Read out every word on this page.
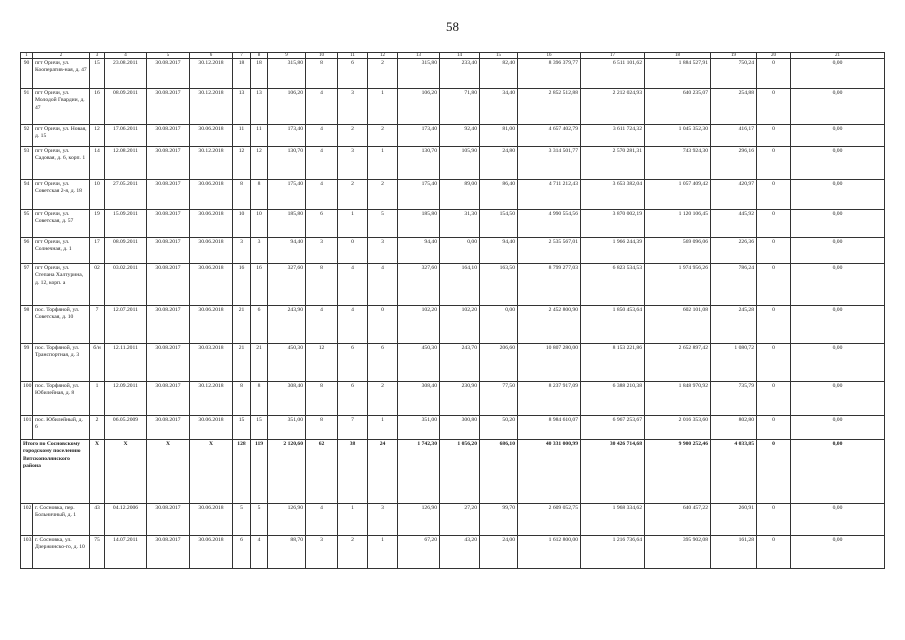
58
1	2	3	4	5	6	7	8	9	10	11	12	13	14	15	16	17	18	19	20	21
90	пгт Оричи, ул. Кооператив-ная, д. 47	15	23.08.2011	30.08.2017	30.12.2018	18	18	315,80	8	6	2	315,80	233,40	82,40	8 396 379,77	6 511 101,62	1 884 527,91	750,24	0	0,00
91	пгт Оричи, ул. Молодой Гвардии, д. 47	16	08.09.2011	30.08.2017	30.12.2018	13	13	106,20	4	3	1	106,20	71,80	34,40	2 852 512,88	2 212 024,93	640 235,07	254,88	0	0,00
92	пгт Оричи, ул. Новая, д. 15	12	17.06.2011	30.08.2017	30.06.2018	11	11	173,40	4	2	2	173,40	92,40	81,00	4 657 402,79	3 611 724,32	1 045 352,30	416,17	0	0,00
93	пгт Оричи, ул. Садовая, д. 6, корп. 1	14	12.08.2011	30.08.2017	30.12.2018	12	12	130,70	4	3	1	130,70	105,90	24,80	3 314 501,77	2 570 281,31	743 924,30	296,16	0	0,00
94	пгт Оричи, ул. Советская 2-я, д. 18	10	27.05.2011	30.08.2017	30.06.2018	8	8	175,40	4	2	2	175,40	89,00	86,40	4 711 212,43	3 653 382,04	1 057 409,42	420,97	0	0,00
95	пгт Оричи, ул. Советская, д. 57	19	15.09.2011	30.08.2017	30.06.2018	10	10	185,80	6	1	5	185,80	31,30	154,50	4 990 554,56	3 870 002,19	1 120 106,45	445,92	0	0,00
96	пгт Оричи, ул. Солнечная, д. 1	17	08.09.2011	30.08.2017	30.06.2018	3	3	94,40	3	0	3	94,40	0,00	94,40	2 535 567,01	1 966 244,39	569 096,06	226,36	0	0,00
97	пгт Оричи, ул. Степана Халтурина, д. 12, корп. а	02	03.02.2011	30.08.2017	30.06.2018	16	16	327,60	8	4	4	327,60	164,10	163,50	8 799 277,03	6 823 534,53	1 974 956,26	786,24	0	0,00
98	пос. Торфяной, ул. Советская, д. 10	7	12.07.2011	30.08.2017	30.06.2018	21	6	243,90	4	4	0	102,20	102,20	0,00	2 452 800,90	1 850 453,64	602 101,08	245,28	0	0,00
99	пос. Торфяной, ул. Транспортная, д. 3	б/н	12.11.2011	30.08.2017	30.03.2018	21	21	450,30	12	6	6	450,30	243,70	206,60	10 807 280,00	8 153 221,86	2 652 897,42	1 080,72	0	0,00
100	пос. Торфяной, ул. Юбилейная, д. 8	1	12.09.2011	30.08.2017	30.12.2018	8	8	308,40	8	6	2	308,40	230,90	77,50	8 237 917,09	6 388 210,38	1 848 970,92	735,79	0	0,00
101	пос. Юбилейный, д. 6	2	06.05.2009	30.08.2017	30.06.2018	15	15	351,00	8	7	1	351,00	300,80	50,20	8 984 610,07	6 967 253,67	2 016 353,60	802,80	0	0,00
Итого по Сосновскому городскому поселению Вятскополянского района		X	X	X	X	128	119	2 120,60	62	38	24	1 742,30	1 056,20	686,10	40 331 000,99	30 426 714,68	9 900 252,46	4 033,85	0	0,00
102	г. Сосновка, пер. Больничный, д. 1	43	04.12.2006	30.08.2017	30.06.2018	5	5	126,90	4	1	3	126,90	27,20	99,70	2 609 052,75	1 968 334,62	640 457,22	260,91	0	0,00
103	г. Сосновка, ул. Дзержинско-го, д. 10	75	14.07.2011	30.08.2017	30.06.2018	6	4	88,70	3	2	1	67,20	43,20	24,00	1 612 800,00	1 216 736,64	395 902,08	161,28	0	0,00
